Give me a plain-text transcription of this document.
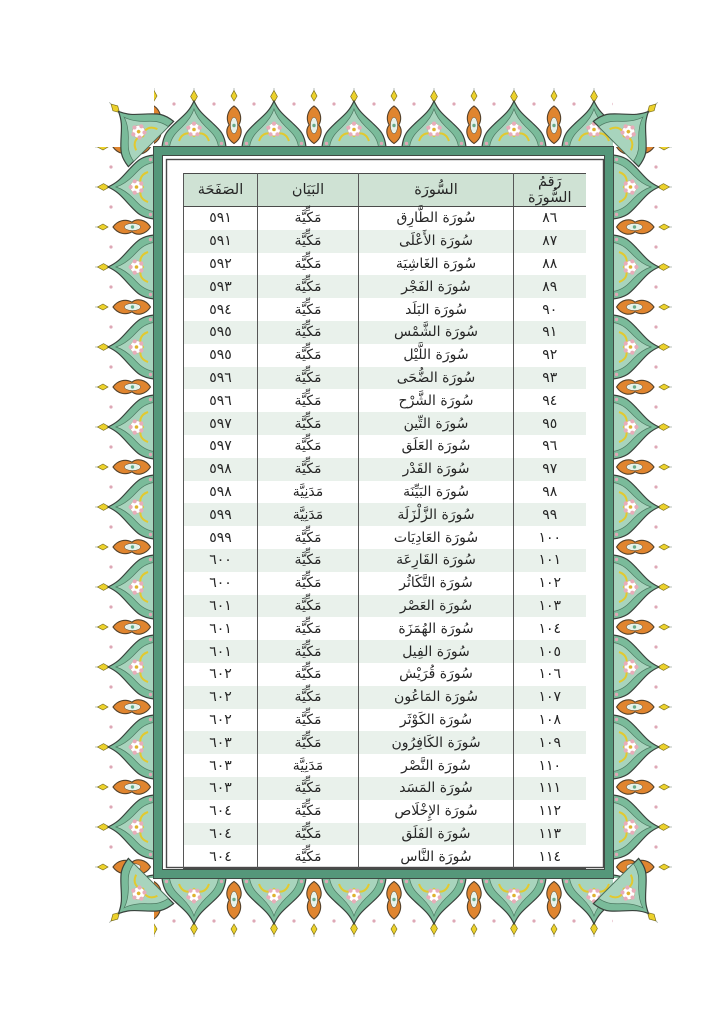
رَقمُ السُّورَة	السُّورَة	البَيَان	الصَفَحَة
٨٦	سُورَة الطَّارِق	مَكِّيَّة	٥٩١
٨٧	سُورَة الأَعْلَى	مَكِّيَّة	٥٩١
٨٨	سُورَة الغَاشِيَة	مَكِّيَّة	٥٩٢
٨٩	سُورَة الفَجْر	مَكِّيَّة	٥٩٣
٩٠	سُورَة البَلَد	مَكِّيَّة	٥٩٤
٩١	سُورَة الشَّمْس	مَكِّيَّة	٥٩٥
٩٢	سُورَة اللَّيْل	مَكِّيَّة	٥٩٥
٩٣	سُورَة الضُّحَى	مَكِّيَّة	٥٩٦
٩٤	سُورَة الشَّرْح	مَكِّيَّة	٥٩٦
٩٥	سُورَة التِّين	مَكِّيَّة	٥٩٧
٩٦	سُورَة العَلَق	مَكِّيَّة	٥٩٧
٩٧	سُورَة القَدْر	مَكِّيَّة	٥٩٨
٩٨	سُورَة البَيِّنَة	مَدَنِيَّة	٥٩٨
٩٩	سُورَة الزَّلْزَلَة	مَدَنِيَّة	٥٩٩
١٠٠	سُورَة العَادِيَات	مَكِّيَّة	٥٩٩
١٠١	سُورَة القَارِعَة	مَكِّيَّة	٦٠٠
١٠٢	سُورَة التَّكَاثُر	مَكِّيَّة	٦٠٠
١٠٣	سُورَة العَصْر	مَكِّيَّة	٦٠١
١٠٤	سُورَة الهُمَزَة	مَكِّيَّة	٦٠١
١٠٥	سُورَة الفِيل	مَكِّيَّة	٦٠١
١٠٦	سُورَة قُرَيْش	مَكِّيَّة	٦٠٢
١٠٧	سُورَة المَاعُون	مَكِّيَّة	٦٠٢
١٠٨	سُورَة الكَوْثَر	مَكِّيَّة	٦٠٢
١٠٩	سُورَة الكَافِرُون	مَكِّيَّة	٦٠٣
١١٠	سُورَة النَّصْر	مَدَنِيَّة	٦٠٣
١١١	سُورَة المَسَد	مَكِّيَّة	٦٠٣
١١٢	سُورَة الإِخْلَاص	مَكِّيَّة	٦٠٤
١١٣	سُورَة الفَلَق	مَكِّيَّة	٦٠٤
١١٤	سُورَة النَّاس	مَكِّيَّة	٦٠٤
